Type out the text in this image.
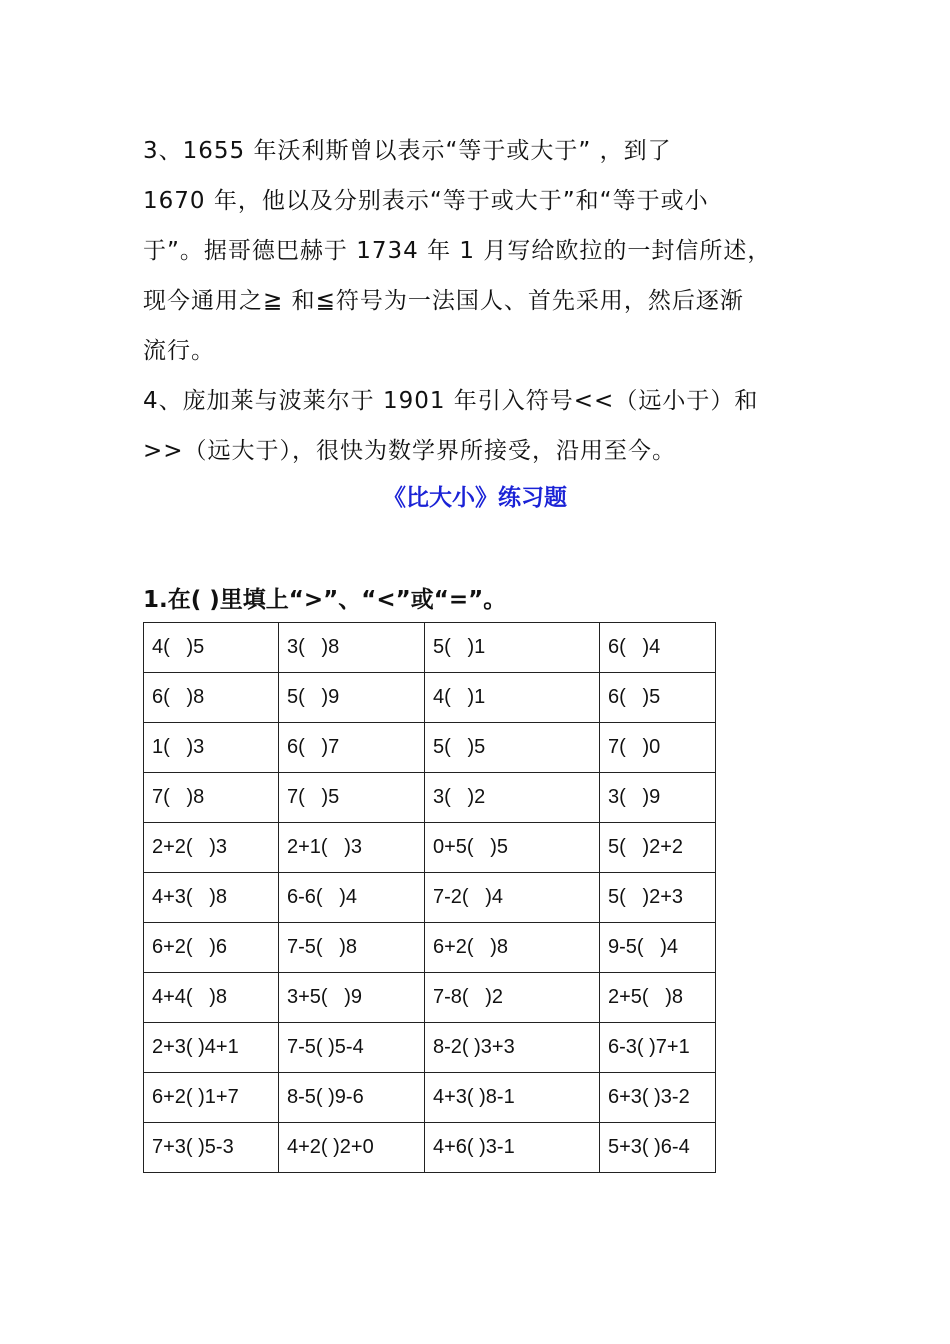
3、1655 年沃利斯曾以表示“等于或大于” ，到了
1670 年，他以及分别表示“等于或大于”和“等于或小
于”。据哥德巴赫于 1734 年 1 月写给欧拉的一封信所述，
现今通用之≧ 和≦符号为一法国人、首先采用，然后逐渐
流行。
4、庞加莱与波莱尔于 1901 年引入符号<<（远小于）和
>>（远大于），很快为数学界所接受，沿用至今。
《比大小》练习题
1.在( )里填上“>”、“<”或“=”。
4(   )5	3(   )8	5(   )1	6(   )4
6(   )8	5(   )9	4(   )1	6(   )5
1(   )3	6(   )7	5(   )5	7(   )0
7(   )8	7(   )5	3(   )2	3(   )9
2+2(   )3	2+1(   )3	0+5(   )5	5(   )2+2
4+3(   )8	6-6(   )4	7-2(   )4	5(   )2+3
6+2(   )6	7-5(   )8	6+2(   )8	9-5(   )4
4+4(   )8	3+5(   )9	7-8(   )2	2+5(   )8
2+3( )4+1	7-5( )5-4	8-2( )3+3	6-3( )7+1
6+2( )1+7	8-5( )9-6	4+3( )8-1	6+3( )3-2
7+3( )5-3	4+2( )2+0	4+6( )3-1	5+3( )6-4
